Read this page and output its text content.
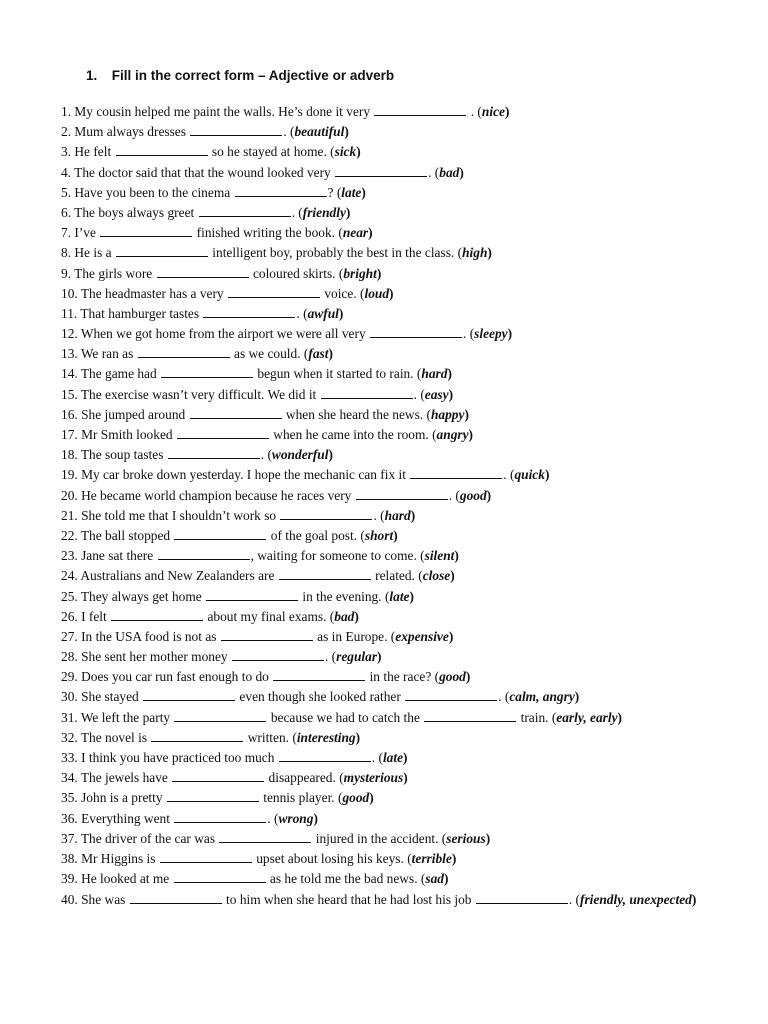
1. Fill in the correct form – Adjective or adverb
1. My cousin helped me paint the walls. He’s done it very	. (nice)
2. Mum always dresses	. (beautiful)
3. He felt	so he stayed at home. (sick)
4. The doctor said that that the wound looked very	. (bad)
5. Have you been to the cinema	? (late)
6. The boys always greet	. (friendly)
7. I’ve	finished writing the book. (near)
8. He is a	intelligent boy, probably the best in the class. (high)
9. The girls wore	coloured skirts. (bright)
10. The headmaster has a very	voice. (loud)
11. That hamburger tastes	. (awful)
12. When we got home from the airport we were all very	. (sleepy)
13. We ran as	as we could. (fast)
14. The game had	begun when it started to rain. (hard)
15. The exercise wasn’t very difficult. We did it	. (easy)
16. She jumped around	when she heard the news. (happy)
17. Mr Smith looked	when he came into the room. (angry)
18. The soup tastes	. (wonderful)
19. My car broke down yesterday. I hope the mechanic can fix it	. (quick)
20. He became world champion because he races very	. (good)
21. She told me that I shouldn’t work so	. (hard)
22. The ball stopped	of the goal post. (short)
23. Jane sat there	, waiting for someone to come. (silent)
24. Australians and New Zealanders are	related. (close)
25. They always get home	in the evening. (late)
26. I felt	about my final exams. (bad)
27. In the USA food is not as	as in Europe. (expensive)
28. She sent her mother money	. (regular)
29. Does you car run fast enough to do	in the race? (good)
30. She stayed	even though she looked rather	. (calm, angry)
31. We left the party	because we had to catch the	train. (early, early)
32. The novel is	written. (interesting)
33. I think you have practiced too much	. (late)
34. The jewels have	disappeared. (mysterious)
35. John is a pretty	tennis player. (good)
36. Everything went	. (wrong)
37. The driver of the car was	injured in the accident. (serious)
38. Mr Higgins is	upset about losing his keys. (terrible)
39. He looked at me	as he told me the bad news. (sad)
40. She was	to him when she heard that he had lost his job	. (friendly, unexpected)
